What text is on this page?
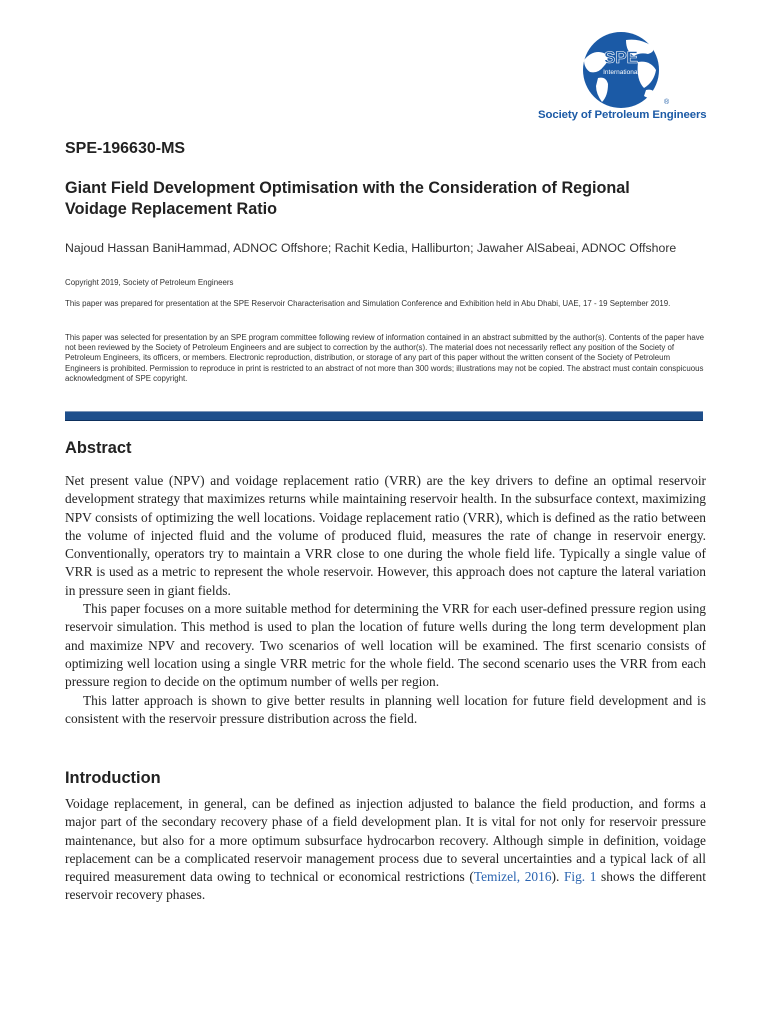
SPE
International
®
Society of Petroleum Engineers
SPE-196630-MS
Giant Field Development Optimisation with the Consideration of Regional
Voidage Replacement Ratio
Najoud Hassan BaniHammad, ADNOC Offshore; Rachit Kedia, Halliburton; Jawaher AlSabeai, ADNOC Offshore
Copyright 2019, Society of Petroleum Engineers
This paper was prepared for presentation at the SPE Reservoir Characterisation and Simulation Conference and Exhibition held in Abu Dhabi, UAE, 17 - 19 September 2019.
This paper was selected for presentation by an SPE program committee following review of information contained in an abstract submitted by the author(s). Contents of the paper have not been reviewed by the Society of Petroleum Engineers and are subject to correction by the author(s). The material does not necessarily reflect any position of the Society of Petroleum Engineers, its officers, or members. Electronic reproduction, distribution, or storage of any part of this paper without the written consent of the Society of Petroleum Engineers is prohibited. Permission to reproduce in print is restricted to an abstract of not more than 300 words; illustrations may not be copied. The abstract must contain conspicuous acknowledgment of SPE copyright.
Abstract

Net present value (NPV) and voidage replacement ratio (VRR) are the key drivers to define an optimal reservoir development strategy that maximizes returns while maintaining reservoir health. In the subsurface context, maximizing NPV consists of optimizing the well locations. Voidage replacement ratio (VRR), which is defined as the ratio between the volume of injected fluid and the volume of produced fluid, measures the rate of change in reservoir energy. Conventionally, operators try to maintain a VRR close to one during the whole field life. Typically a single value of VRR is used as a metric to represent the whole reservoir. However, this approach does not capture the lateral variation in pressure seen in giant fields.

This paper focuses on a more suitable method for determining the VRR for each user-defined pressure region using reservoir simulation. This method is used to plan the location of future wells during the long term development plan and maximize NPV and recovery. Two scenarios of well location will be examined. The first scenario consists of optimizing well location using a single VRR metric for the whole field. The second scenario uses the VRR from each pressure region to decide on the optimum number of wells per region.

This latter approach is shown to give better results in planning well location for future field development and is consistent with the reservoir pressure distribution across the field.

Introduction

Voidage replacement, in general, can be defined as injection adjusted to balance the field production, and forms a major part of the secondary recovery phase of a field development plan. It is vital for not only for reservoir pressure maintenance, but also for a more optimum subsurface hydrocarbon recovery. Although simple in definition, voidage replacement can be a complicated reservoir management process due to several uncertainties and a typical lack of all required measurement data owing to technical or economical restrictions (Temizel, 2016). Fig. 1 shows the different reservoir recovery phases.
